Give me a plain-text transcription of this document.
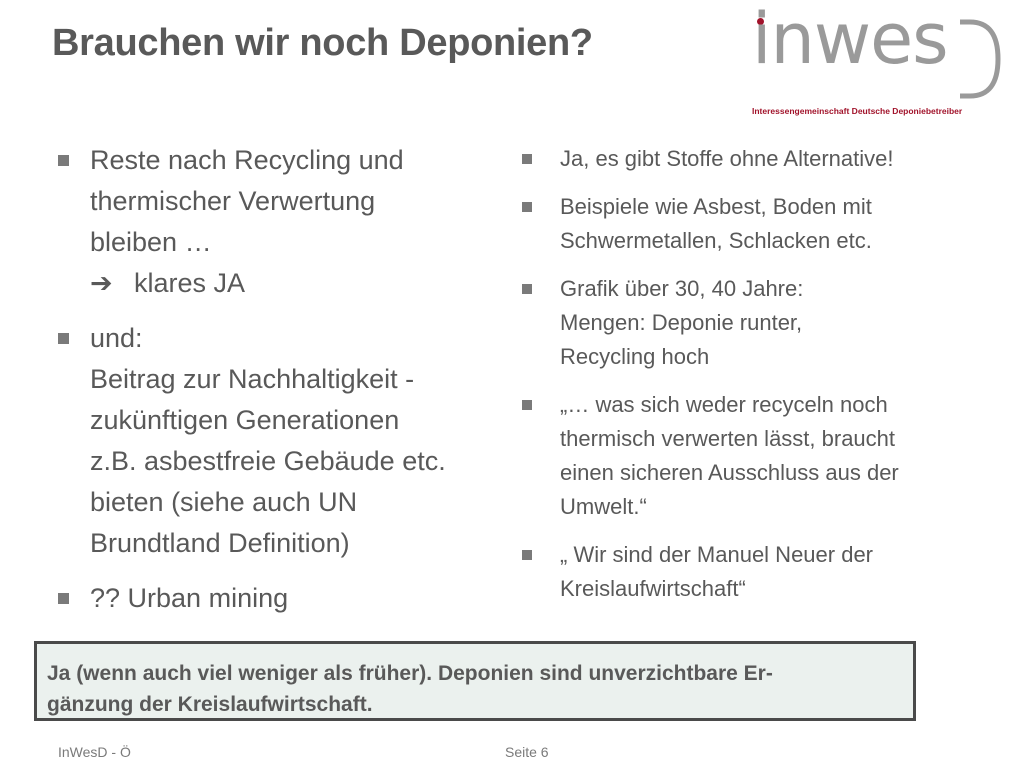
Brauchen wir noch Deponien? inwes
Interessengemeinschaft Deutsche Deponiebetreiber
Reste nach Recycling und
thermischer Verwertung
bleiben …
➔ klares JA
und:
Beitrag zur Nachhaltigkeit -
zukünftigen Generationen
z.B. asbestfreie Gebäude etc.
bieten (siehe auch UN
Brundtland Definition)
?? Urban mining
Ja, es gibt Stoffe ohne Alternative!
Beispiele wie Asbest, Boden mit
Schwermetallen, Schlacken etc.
Grafik über 30, 40 Jahre:
Mengen: Deponie runter,
Recycling hoch
„… was sich weder recyceln noch
thermisch verwerten lässt, braucht
einen sicheren Ausschluss aus der
Umwelt.“
„ Wir sind der Manuel Neuer der
Kreislaufwirtschaft“
Ja (wenn auch viel weniger als früher). Deponien sind unverzichtbare Er-
gänzung der Kreislaufwirtschaft.
InWesD - Ö	Seite 6
